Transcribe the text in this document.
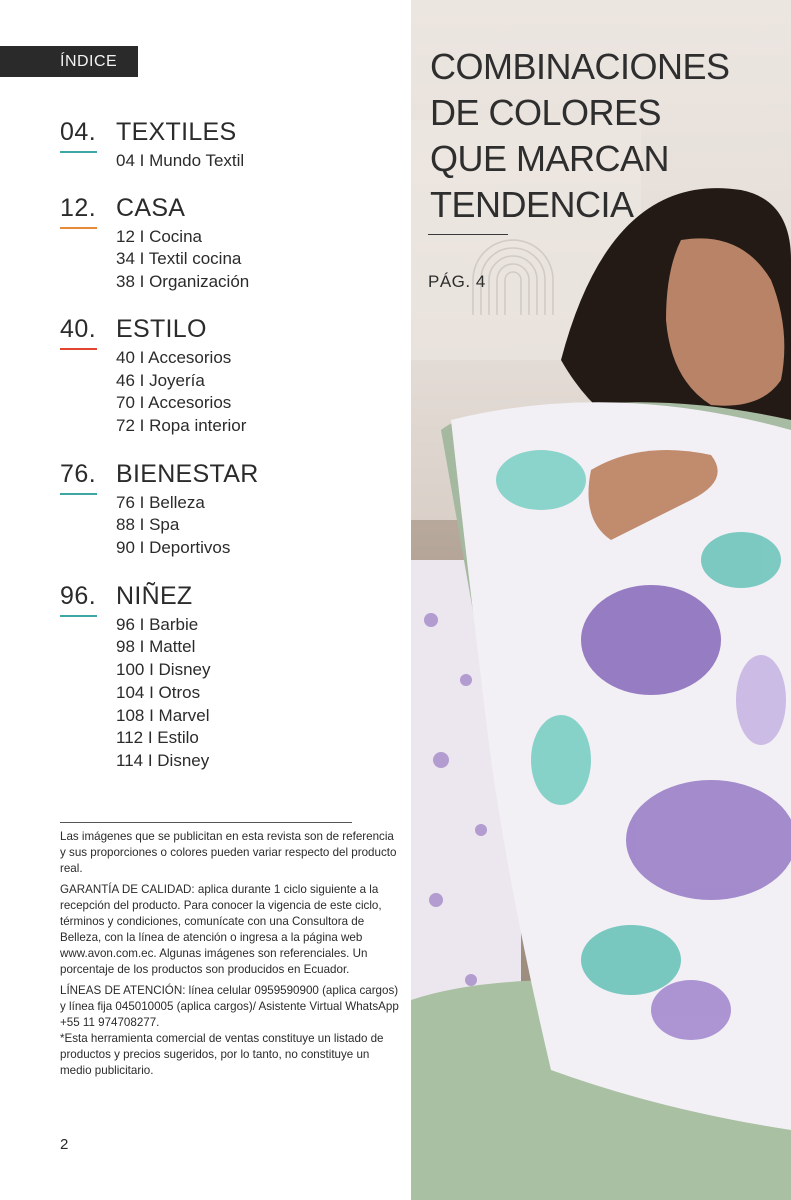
ÍNDICE
04. TEXTILES
04 I Mundo Textil
12. CASA
12 I Cocina
34 I Textil cocina
38 I Organización
40. ESTILO
40 I Accesorios
46 I Joyería
70 I Accesorios
72 I Ropa interior
76. BIENESTAR
76 I Belleza
88 I Spa
90 I Deportivos
96. NIÑEZ
96 I Barbie
98 I Mattel
100 I Disney
104 I Otros
108 I Marvel
112 I Estilo
114 I Disney

Las imágenes que se publicitan en esta revista son de referencia y sus proporciones o colores pueden variar respecto del producto real.

GARANTÍA DE CALIDAD: aplica durante 1 ciclo siguiente a la recepción del producto. Para conocer la vigencia de este ciclo, términos y condiciones, comunícate con una Consultora de Belleza, con la línea de atención o ingresa a la página web www.avon.com.ec. Algunas imágenes son referenciales. Un porcentaje de los productos son producidos en Ecuador.

LÍNEAS DE ATENCIÓN: línea celular 0959590900 (aplica cargos) y línea fija 045010005 (aplica cargos)/ Asistente Virtual WhatsApp +55 11 974708277.

*Esta herramienta comercial de ventas constituye un listado de productos y precios sugeridos, por lo tanto, no constituye un medio publicitario.

2
COMBINACIONES
DE COLORES
QUE MARCAN
TENDENCIA
PÁG. 4
